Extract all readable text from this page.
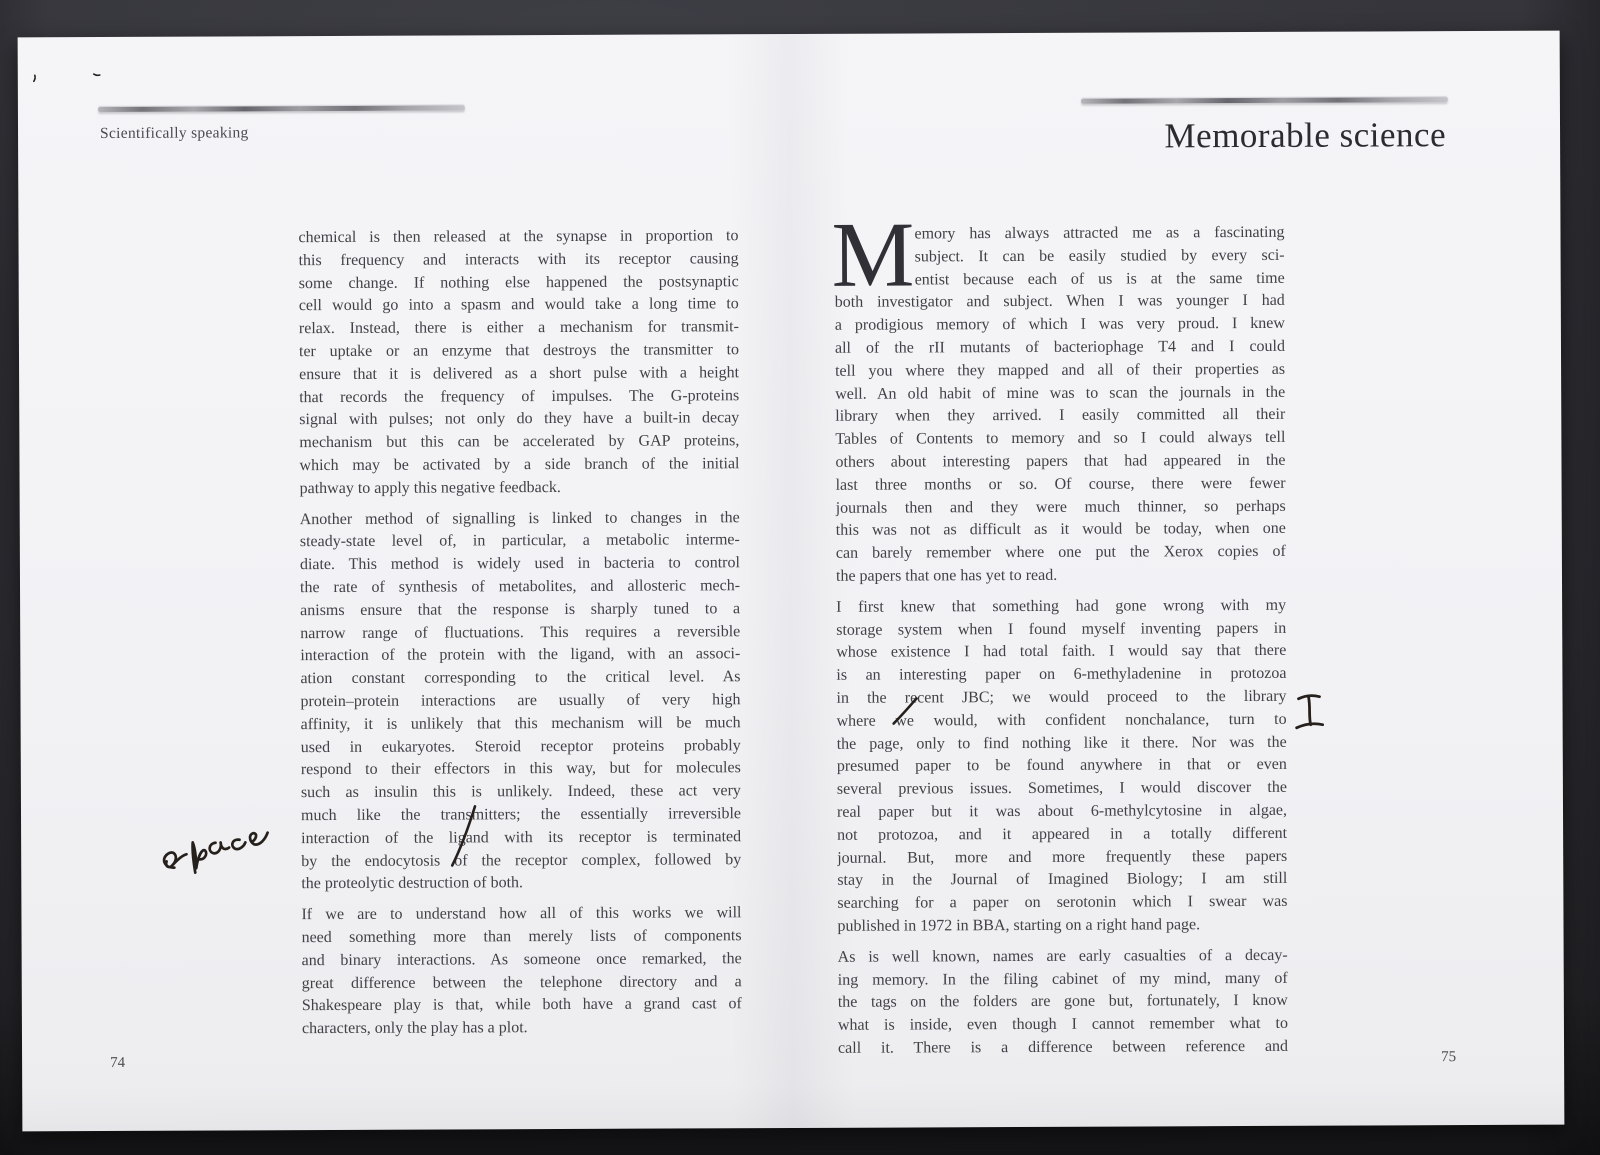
Scientifically speaking	Memorable science
chemical is then released at the synapse in proportion to
this frequency and interacts with its receptor causing
some change. If nothing else happened the postsynaptic
cell would go into a spasm and would take a long time to
relax. Instead, there is either a mechanism for transmit-
ter uptake or an enzyme that destroys the transmitter to
ensure that it is delivered as a short pulse with a height
that records the frequency of impulses. The G-proteins
signal with pulses; not only do they have a built-in decay
mechanism but this can be accelerated by GAP proteins,
which may be activated by a side branch of the initial
pathway to apply this negative feedback.
Another method of signalling is linked to changes in the
steady-state level of, in particular, a metabolic interme-
diate. This method is widely used in bacteria to control
the rate of synthesis of metabolites, and allosteric mech-
anisms ensure that the response is sharply tuned to a
narrow range of fluctuations. This requires a reversible
interaction of the protein with the ligand, with an associ-
ation constant corresponding to the critical level. As
protein–protein interactions are usually of very high
affinity, it is unlikely that this mechanism will be much
used in eukaryotes. Steroid receptor proteins probably
respond to their effectors in this way, but for molecules
such as insulin this is unlikely. Indeed, these act very
much like the transmitters; the essentially irreversible
interaction of the ligand with its receptor is terminated
by the endocytosis of the receptor complex, followed by
the proteolytic destruction of both.
If we are to understand how all of this works we will
need something more than merely lists of components
and binary interactions. As someone once remarked, the
great difference between the telephone directory and a
Shakespeare play is that, while both have a grand cast of
characters, only the play has a plot.
M emory has always attracted me as a fascinating
subject. It can be easily studied by every sci-
entist because each of us is at the same time
both investigator and subject. When I was younger I had
a prodigious memory of which I was very proud. I knew
all of the rII mutants of bacteriophage T4 and I could
tell you where they mapped and all of their properties as
well. An old habit of mine was to scan the journals in the
library when they arrived. I easily committed all their
Tables of Contents to memory and so I could always tell
others about interesting papers that had appeared in the
last three months or so. Of course, there were fewer
journals then and they were much thinner, so perhaps
this was not as difficult as it would be today, when one
can barely remember where one put the Xerox copies of
the papers that one has yet to read.
I first knew that something had gone wrong with my
storage system when I found myself inventing papers in
whose existence I had total faith. I would say that there
is an interesting paper on 6-methyladenine in protozoa
in the recent JBC; we would proceed to the library
where we would, with confident nonchalance, turn to
the page, only to find nothing like it there. Nor was the
presumed paper to be found anywhere in that or even
several previous issues. Sometimes, I would discover the
real paper but it was about 6-methylcytosine in algae,
not protozoa, and it appeared in a totally different
journal. But, more and more frequently these papers
stay in the Journal of Imagined Biology; I am still
searching for a paper on serotonin which I swear was
published in 1972 in BBA, starting on a right hand page.
As is well known, names are early casualties of a decay-
ing memory. In the filing cabinet of my mind, many of
the tags on the folders are gone but, fortunately, I know
what is inside, even though I cannot remember what to
call it. There is a difference between reference and
74	75
